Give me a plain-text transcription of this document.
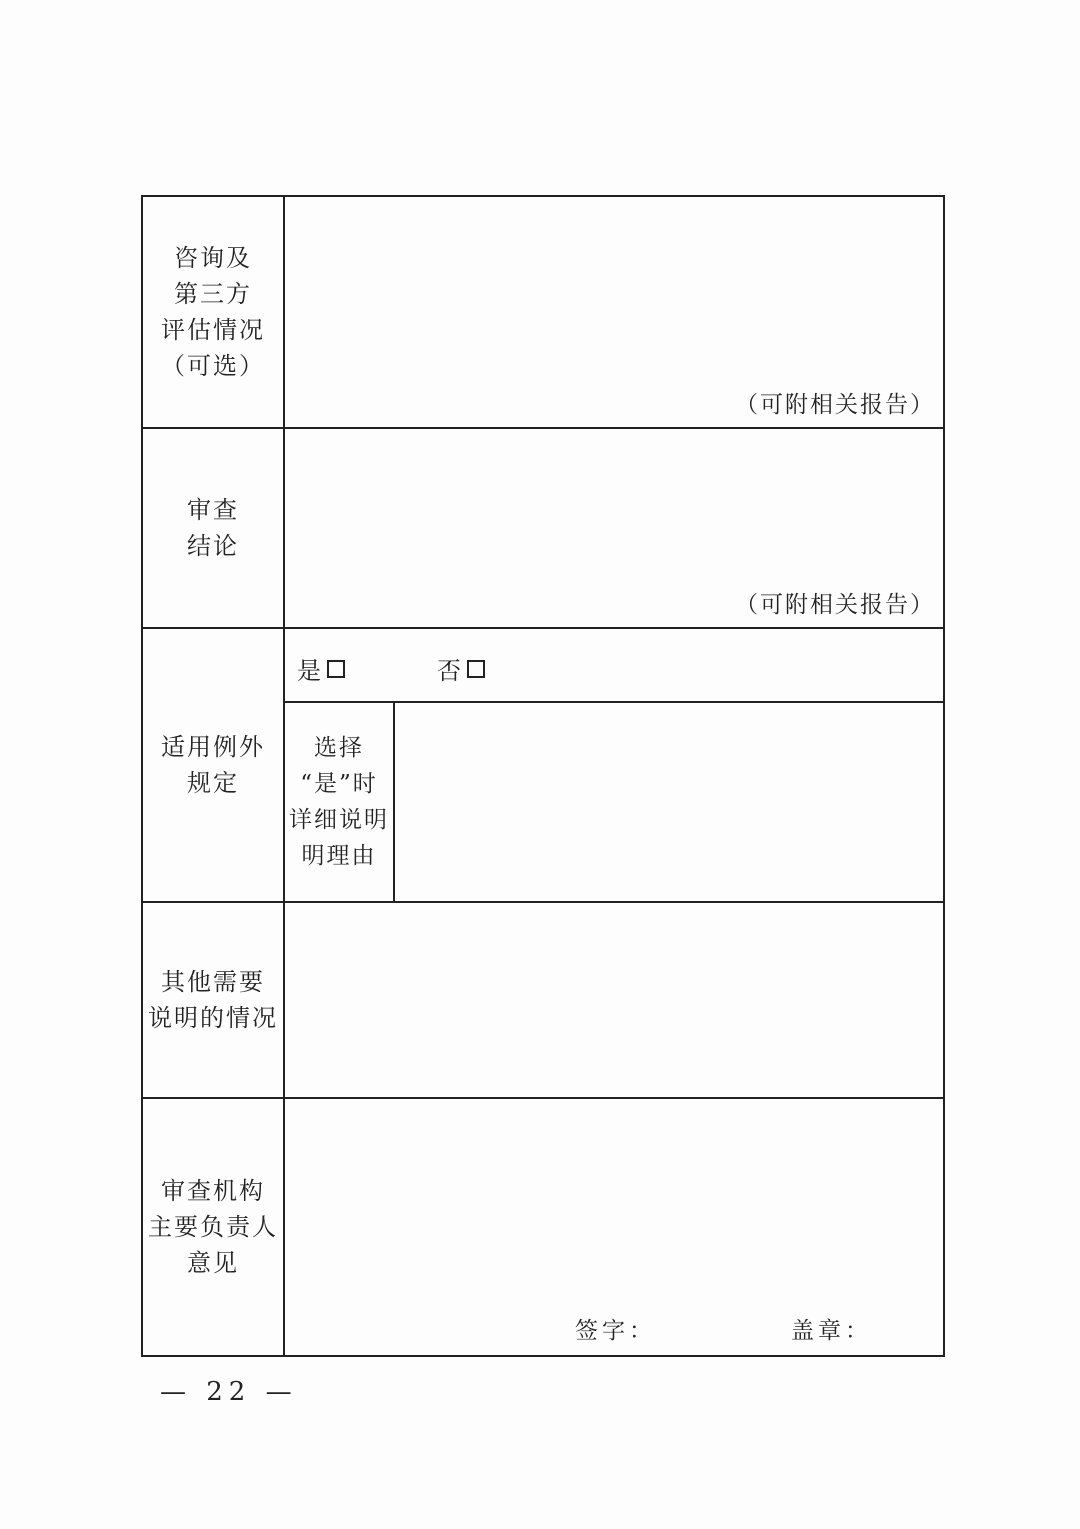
咨询及
第三方
评估情况
（可选）
（可附相关报告）
审查
结论
（可附相关报告）
适用例外
规定
是	否
选择
“是”时
详细说明
明理由
其他需要
说明的情况
审查机构
主要负责人
意见
签字：	盖章：
— 22 —
